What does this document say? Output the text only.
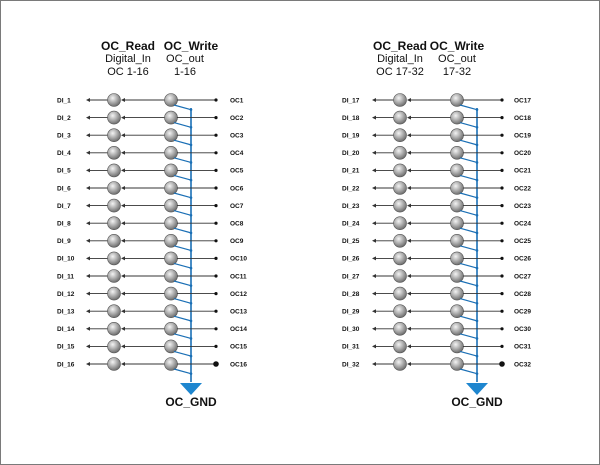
OC_Read
Digital_In
OC 1-16
OC_Write
OC_out
1-16
OC_GND
OC_Read
Digital_In
OC 17-32
OC_Write
OC_out
17-32
OC_GND
DI_1	OC1
DI_2	OC2
DI_3	OC3
DI_4	OC4
DI_5	OC5
DI_6	OC6
DI_7	OC7
DI_8	OC8
DI_9	OC9
DI_10	OC10
DI_11	OC11
DI_12	OC12
DI_13	OC13
DI_14	OC14
DI_15	OC15
DI_16	OC16
DI_17	OC17
DI_18	OC18
DI_19	OC19
DI_20	OC20
DI_21	OC21
DI_22	OC22
DI_23	OC23
DI_24	OC24
DI_25	OC25
DI_26	OC26
DI_27	OC27
DI_28	OC28
DI_29	OC29
DI_30	OC30
DI_31	OC31
DI_32	OC32
